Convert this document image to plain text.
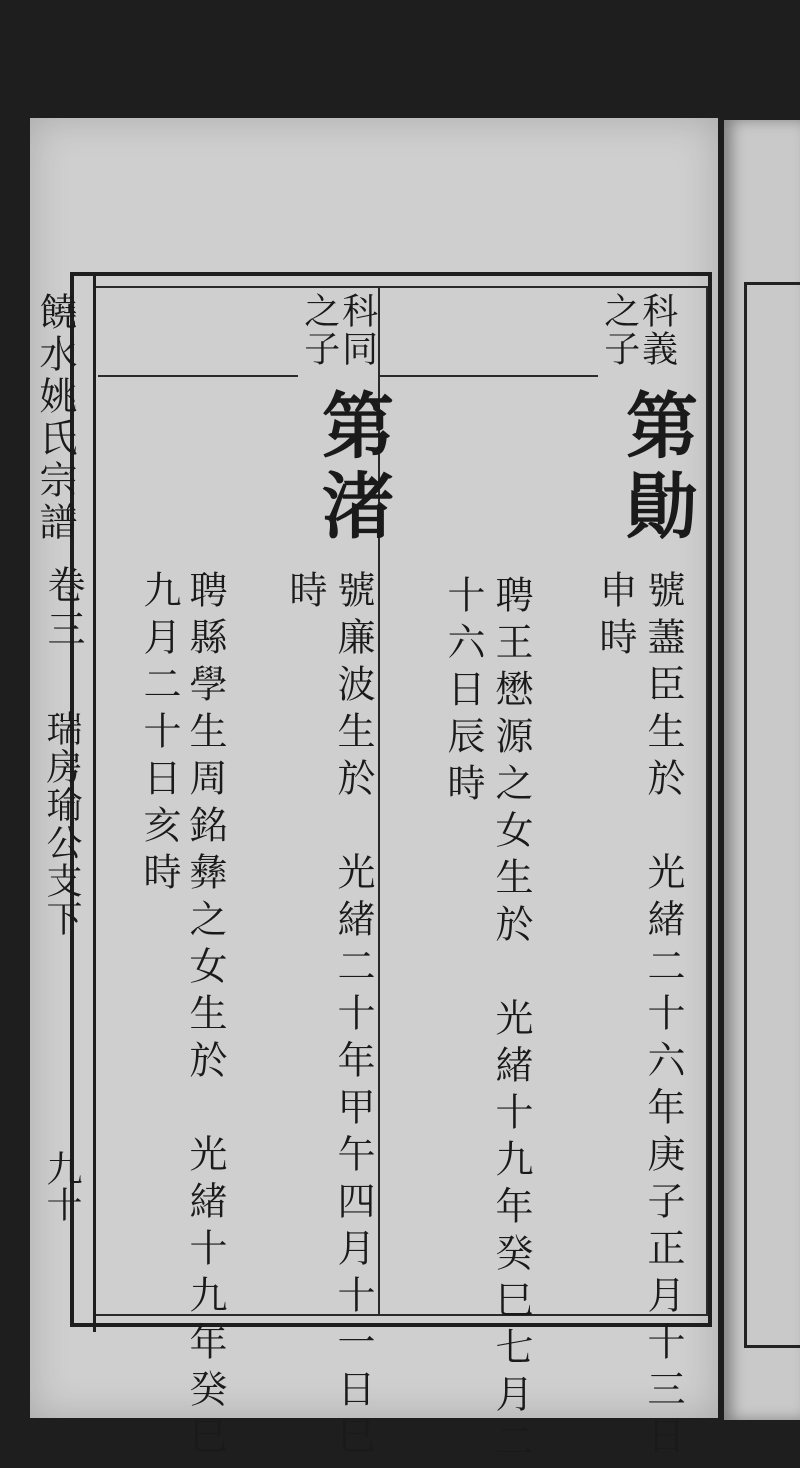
饒水姚氏宗譜
卷三
瑞房瑜公支下
九十
科義
之子
第勛
號藎臣生於　光緒二十六年庚子正月十三日
申時
聘王懋源之女生於　光緒十九年癸巳七月二
十六日辰時
科同
之子
第渚
號廉波生於　光緒二十年甲午四月十一日巳
時
聘縣學生周銘彝之女生於　光緒十九年癸巳
九月二十日亥時
